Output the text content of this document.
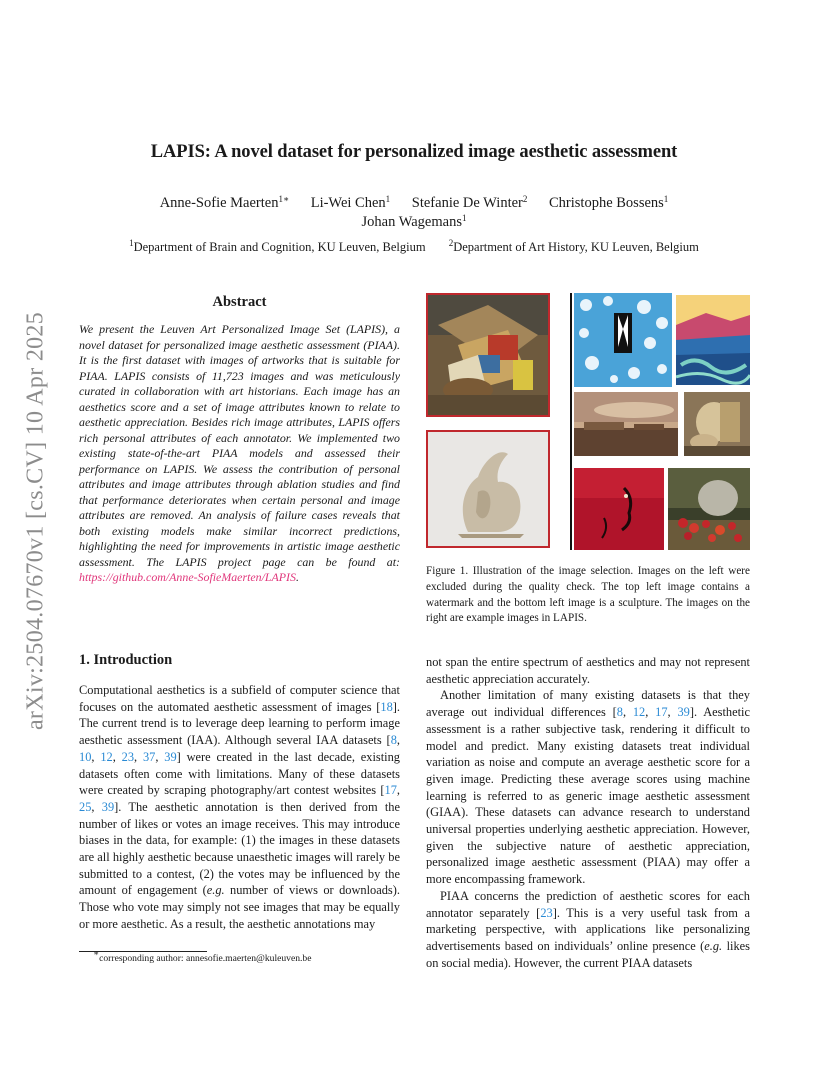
LAPIS: A novel dataset for personalized image aesthetic assessment
Anne-Sofie Maerten$^{1∗}$ Li-Wei Chen$^1$ Stefanie De Winter$^2$ Christophe Bossens$^1$
Johan Wagemans$^1$
$^1$Department of Brain and Cognition, KU Leuven, Belgium	$^2$Department of Art History, KU Leuven, Belgium
arXiv:2504.07670v1 [cs.CV] 10 Apr 2025
Abstract
We present the Leuven Art Personalized Image Set (LAPIS), a novel dataset for personalized image aesthetic assessment (PIAA). It is the first dataset with images of artworks that is suitable for PIAA. LAPIS consists of 11,723 images and was meticulously curated in collaboration with art historians. Each image has an aesthetics score and a set of image attributes known to relate to aesthetic appreciation. Besides rich image attributes, LAPIS offers rich personal attributes of each annotator. We implemented two existing state-of-the-art PIAA models and assessed their performance on LAPIS. We assess the contribution of personal attributes and image attributes through ablation studies and find that performance deteriorates when certain personal and image attributes are removed. An analysis of failure cases reveals that both existing models make similar incorrect predictions, highlighting the need for improvements in artistic image aesthetic assessment. The LAPIS project page can be found at: https://github.com/Anne-SofieMaerten/LAPIS.	Figure 1. Illustration of the image selection. Images on the left were excluded during the quality check. The top left image contains a watermark and the bottom left image is a sculpture. The images on the right are example images in LAPIS.
1. Introduction

Computational aesthetics is a subfield of computer science that focuses on the automated aesthetic assessment of images [18]. The current trend is to leverage deep learning to perform image aesthetic assessment (IAA). Although several IAA datasets [8, 10, 12, 23, 37, 39] were created in the last decade, existing datasets often come with limitations. Many of these datasets were created by scraping photography/art contest websites [17, 25, 39]. The aesthetic annotation is then derived from the number of likes or votes an image receives. This may introduce biases in the data, for example: (1) the images in these datasets are all highly aesthetic because unaesthetic images will rarely be submitted to a contest, (2) the votes may be influenced by the amount of engagement (e.g. number of views or downloads). Those who vote may simply not see images that may be equally or more aesthetic. As a result, the aesthetic annotations may

not span the entire spectrum of aesthetics and may not represent aesthetic appreciation accurately.

Another limitation of many existing datasets is that they average out individual differences [8, 12, 17, 39]. Aesthetic assessment is a rather subjective task, rendering it difficult to model and predict. Many existing datasets treat individual variation as noise and compute an average aesthetic score for a given image. Predicting these average scores using machine learning is referred to as generic image aesthetic assessment (GIAA). These datasets can advance research to understand universal properties underlying aesthetic appreciation. However, given the subjective nature of aesthetic appreciation, personalized image aesthetic assessment (PIAA) may offer a more encompassing framework.

PIAA concerns the prediction of aesthetic scores for each annotator separately [23]. This is a very useful task from a marketing perspective, with applications like personalizing advertisements based on individuals’ online presence (e.g. likes on social media). However, the current PIAA datasets

∗corresponding author: annesofie.maerten@kuleuven.be
